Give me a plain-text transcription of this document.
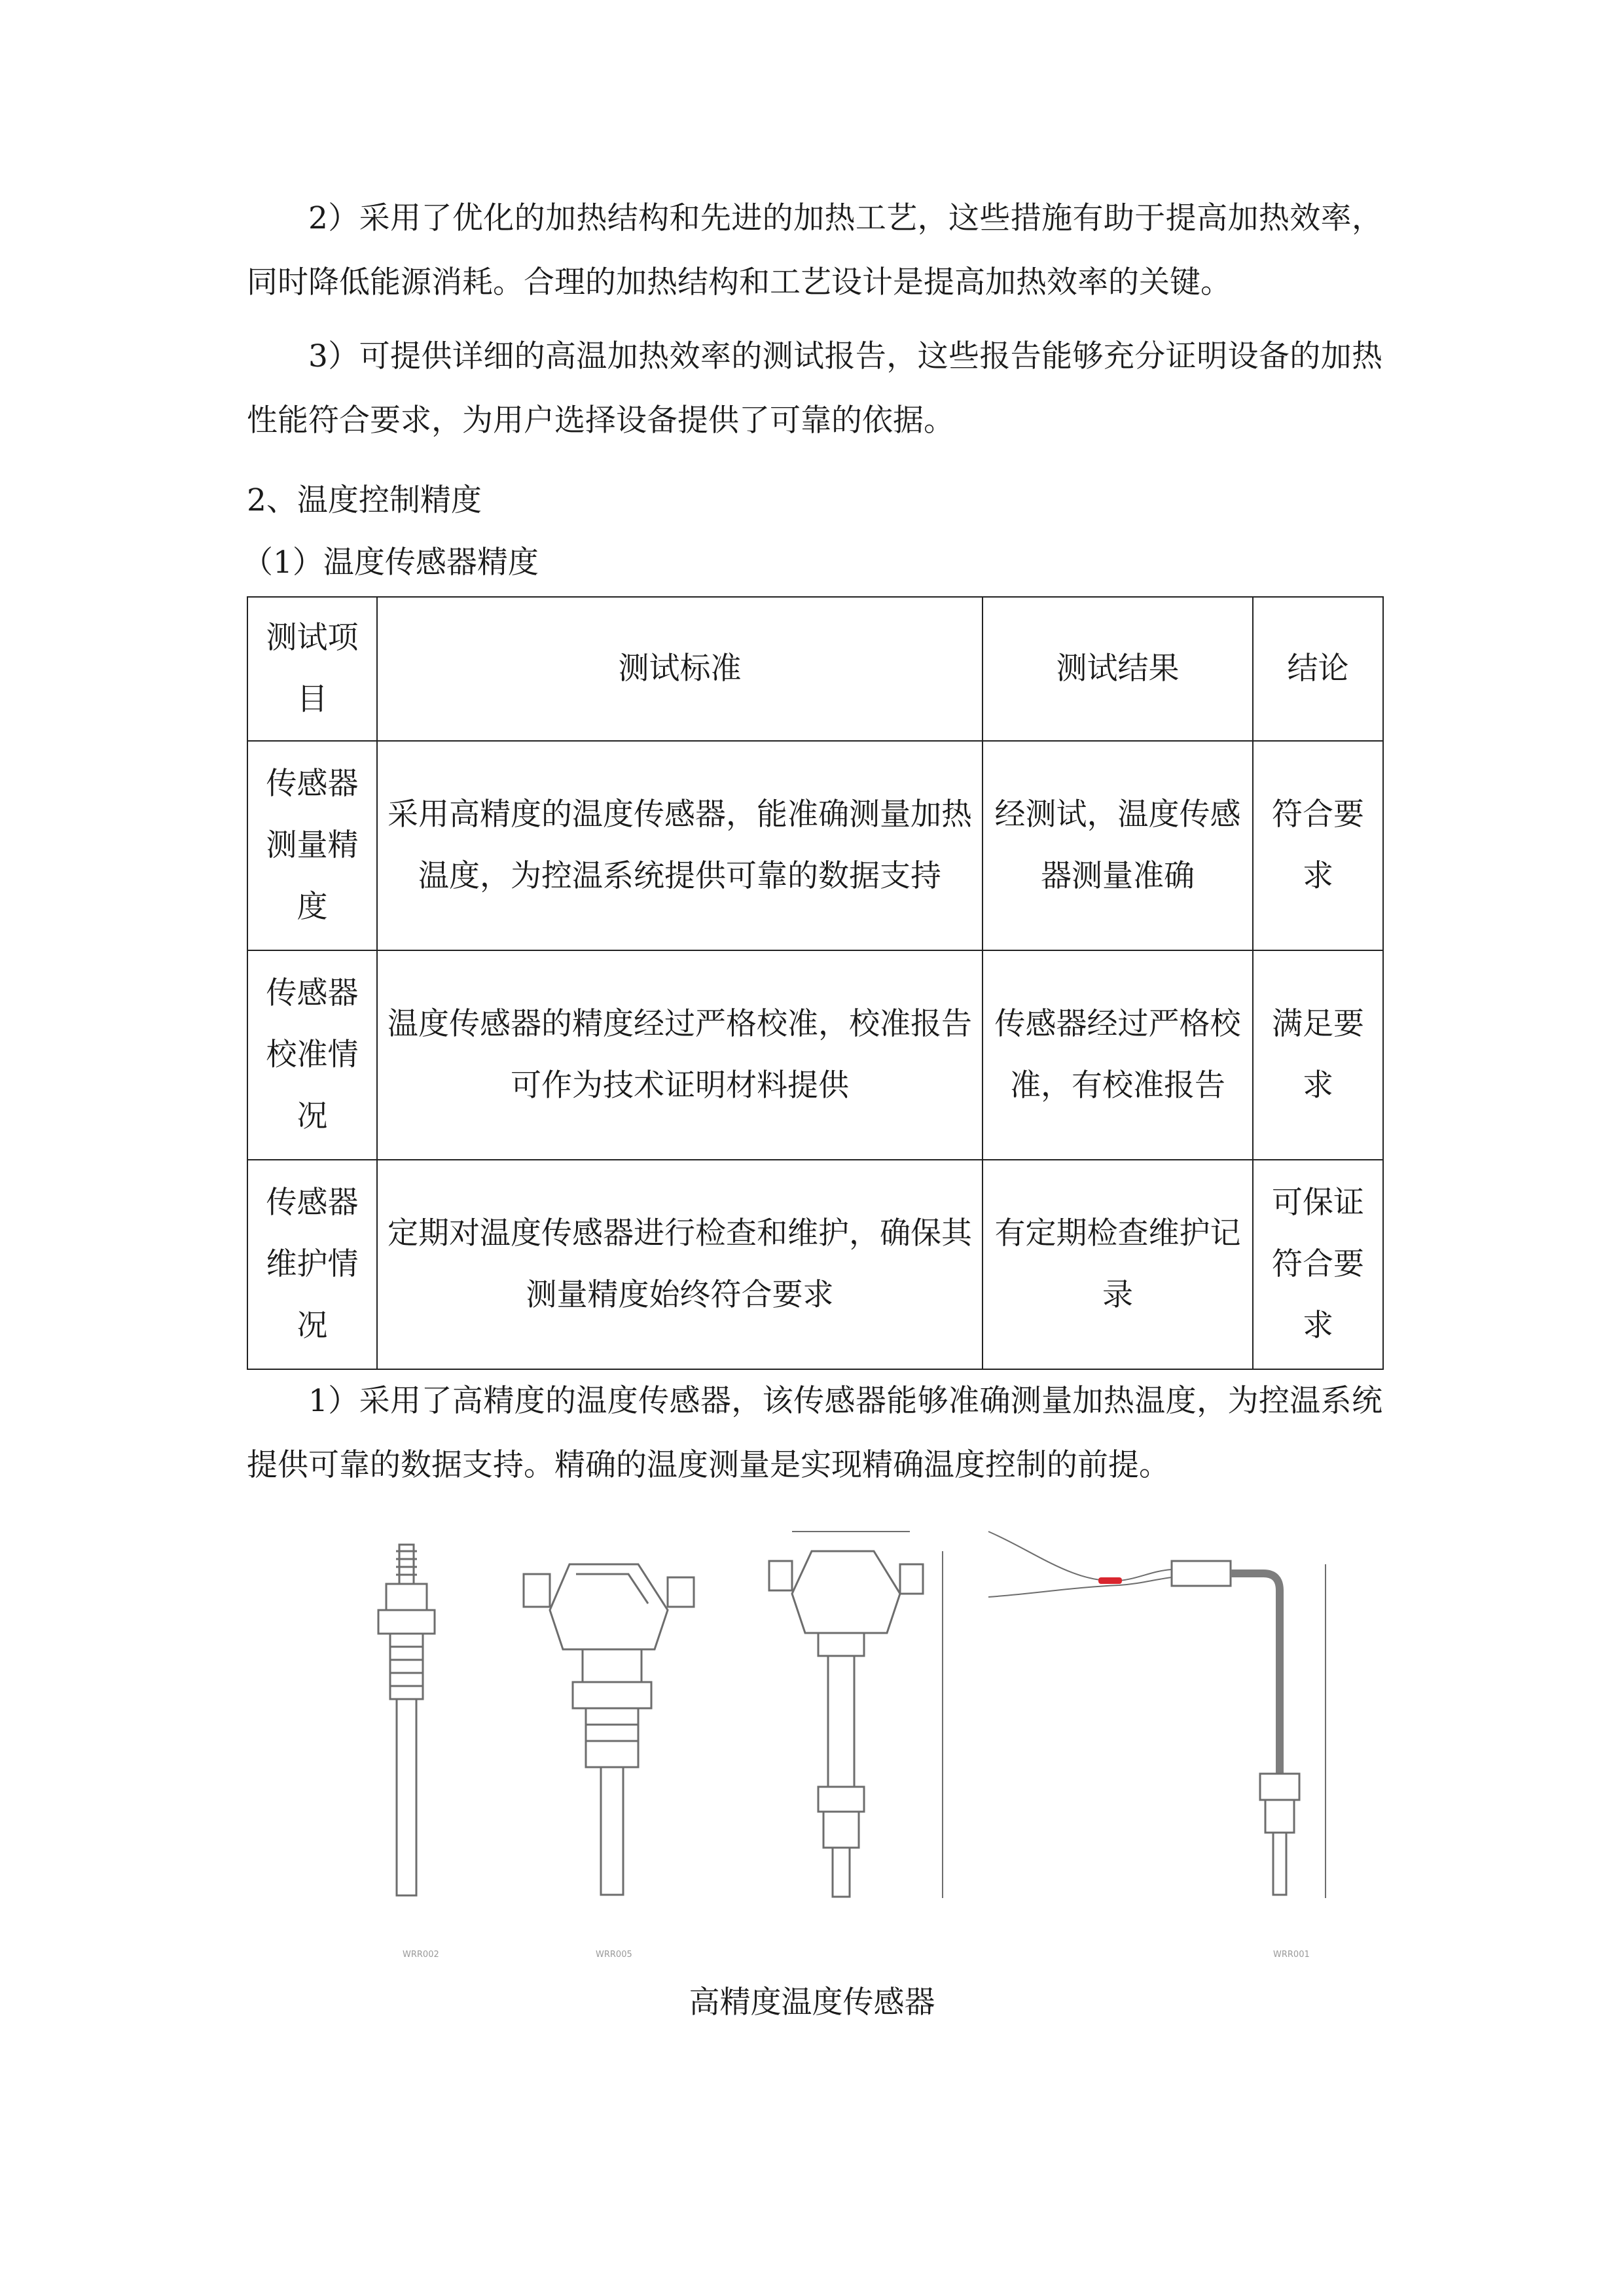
2）采用了优化的加热结构和先进的加热工艺，这些措施有助于提高加热效率，同时降低能源消耗。合理的加热结构和工艺设计是提高加热效率的关键。

3）可提供详细的高温加热效率的测试报告，这些报告能够充分证明设备的加热性能符合要求，为用户选择设备提供了可靠的依据。

2、温度控制精度

（1）温度传感器精度

测试项目	测试标准	测试结果	结论
传感器测量精度	采用高精度的温度传感器，能准确测量加热温度，为控温系统提供可靠的数据支持	经测试，温度传感器测量准确	符合要求
传感器校准情况	温度传感器的精度经过严格校准，校准报告可作为技术证明材料提供	传感器经过严格校准，有校准报告	满足要求
传感器维护情况	定期对温度传感器进行检查和维护，确保其测量精度始终符合要求	有定期检查维护记录	可保证符合要求

1）采用了高精度的温度传感器，该传感器能够准确测量加热温度，为控温系统提供可靠的数据支持。精确的温度测量是实现精确温度控制的前提。

WRR002	WRR005	WRR001
高精度温度传感器
